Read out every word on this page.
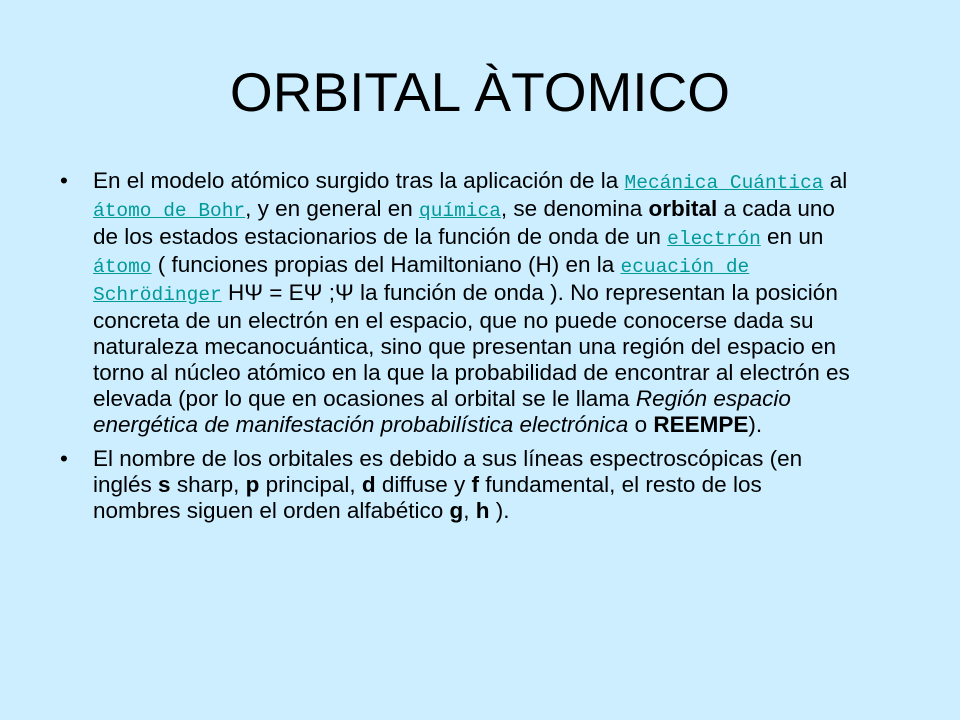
ORBITAL ÀTOMICO
• En el modelo atómico surgido tras la aplicación de la Mecánica Cuántica al átomo de Bohr, y en general en química, se denomina orbital a cada uno de los estados estacionarios de la función de onda de un electrón en un átomo ( funciones propias del Hamiltoniano (H) en la ecuación de Schrödinger HΨ = EΨ ;Ψ la función de onda ). No representan la posición concreta de un electrón en el espacio, que no puede conocerse dada su naturaleza mecanocuántica, sino que presentan una región del espacio en torno al núcleo atómico en la que la probabilidad de encontrar al electrón es elevada (por lo que en ocasiones al orbital se le llama Región espacio energética de manifestación probabilística electrónica o REEMPE).
• El nombre de los orbitales es debido a sus líneas espectroscópicas (en inglés s sharp, p principal, d diffuse y f fundamental, el resto de los nombres siguen el orden alfabético g, h ).
